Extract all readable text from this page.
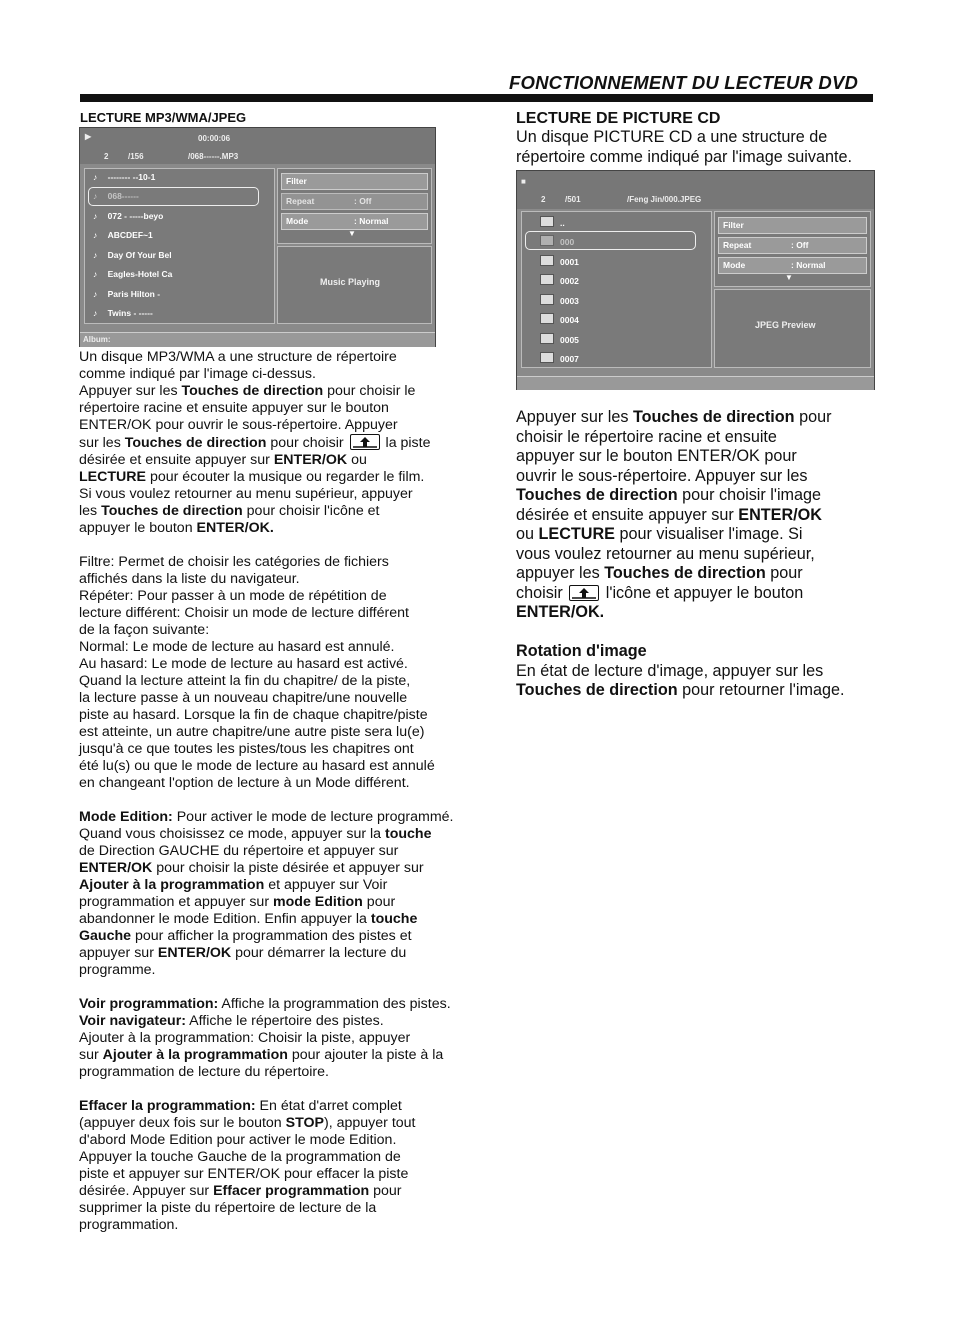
FONCTIONNEMENT DU LECTEUR DVD
LECTURE MP3/WMA/JPEG
▶	00:00:06
2 /156	/068------.MP3
♪ -------- --10-1
♪ 068------
♪ 072 - -----beyo
♪ ABCDEF~1
♪ Day Of Your Bel
♪ Eagles-Hotel Ca
♪ Paris Hilton -
♪ Twins - -----
Filter
Repeat	: Off
Mode	: Normal
▼
Music Playing
Album:

Un disque MP3/WMA a une structure de répertoire
comme indiqué par l'image ci-dessus.
Appuyer sur les Touches de direction pour choisir le
répertoire racine et ensuite appuyer sur le bouton
ENTER/OK pour ouvrir le sous-répertoire. Appuyer
sur les Touches de direction pour choisir
la piste
désirée et ensuite appuyer sur ENTER/OK ou
LECTURE pour écouter la musique ou regarder le film.
Si vous voulez retourner au menu supérieur, appuyer
les Touches de direction pour choisir l'icône et
appuyer le bouton ENTER/OK.

Filtre: Permet de choisir les catégories de fichiers
affichés dans la liste du navigateur.
Répéter: Pour passer à un mode de répétition de
lecture différent: Choisir un mode de lecture différent
de la façon suivante:
Normal: Le mode de lecture au hasard est annulé.
Au hasard: Le mode de lecture au hasard est activé.
Quand la lecture atteint la fin du chapitre/ de la piste,
la lecture passe à un nouveau chapitre/une nouvelle
piste au hasard. Lorsque la fin de chaque chapitre/piste
est atteinte, un autre chapitre/une autre piste sera lu(e)
jusqu'à ce que toutes les pistes/tous les chapitres ont
été lu(s) ou que le mode de lecture au hasard est annulé
en changeant l'option de lecture à un Mode différent.

Mode Edition: Pour activer le mode de lecture programmé.
Quand vous choisissez ce mode, appuyer sur la touche
de Direction GAUCHE du répertoire et appuyer sur
ENTER/OK pour choisir la piste désirée et appuyer sur
Ajouter à la programmation et appuyer sur Voir
programmation et appuyer sur mode Edition pour
abandonner le mode Edition. Enfin appuyer la touche
Gauche pour afficher la programmation des pistes et
appuyer sur ENTER/OK pour démarrer la lecture du
programme.

Voir programmation: Affiche la programmation des pistes.
Voir navigateur: Affiche le répertoire des pistes.
Ajouter à la programmation: Choisir la piste, appuyer
sur Ajouter à la programmation pour ajouter la piste à la
programmation de lecture du répertoire.

Effacer la programmation: En état d'arret complet
(appuyer deux fois sur le bouton STOP), appuyer tout
d'abord Mode Edition pour activer le mode Edition.
Appuyer la touche Gauche de la programmation de
piste et appuyer sur ENTER/OK pour effacer la piste
désirée. Appuyer sur Effacer programmation pour
supprimer la piste du répertoire de lecture de la
programmation.

LECTURE DE PICTURE CD
Un disque PICTURE CD a une structure de
répertoire comme indiqué par l'image suivante.
■
2 /501	/Feng Jin/000.JPEG
..
000
0001
0002
0003
0004
0005
0007
Filter
Repeat	: Off
Mode	: Normal
▼
JPEG Preview
Appuyer sur les Touches de direction pour
choisir le répertoire racine et ensuite
appuyer sur le bouton ENTER/OK pour
ouvrir le sous-répertoire. Appuyer sur les
Touches de direction pour choisir l'image
désirée et ensuite appuyer sur ENTER/OK
ou LECTURE pour visualiser l'image. Si
vous voulez retourner au menu supérieur,
appuyer les Touches de direction pour
choisir
l'icône et appuyer le bouton
ENTER/OK.

Rotation d'image
En état de lecture d'image, appuyer sur les
Touches de direction pour retourner l'image.
